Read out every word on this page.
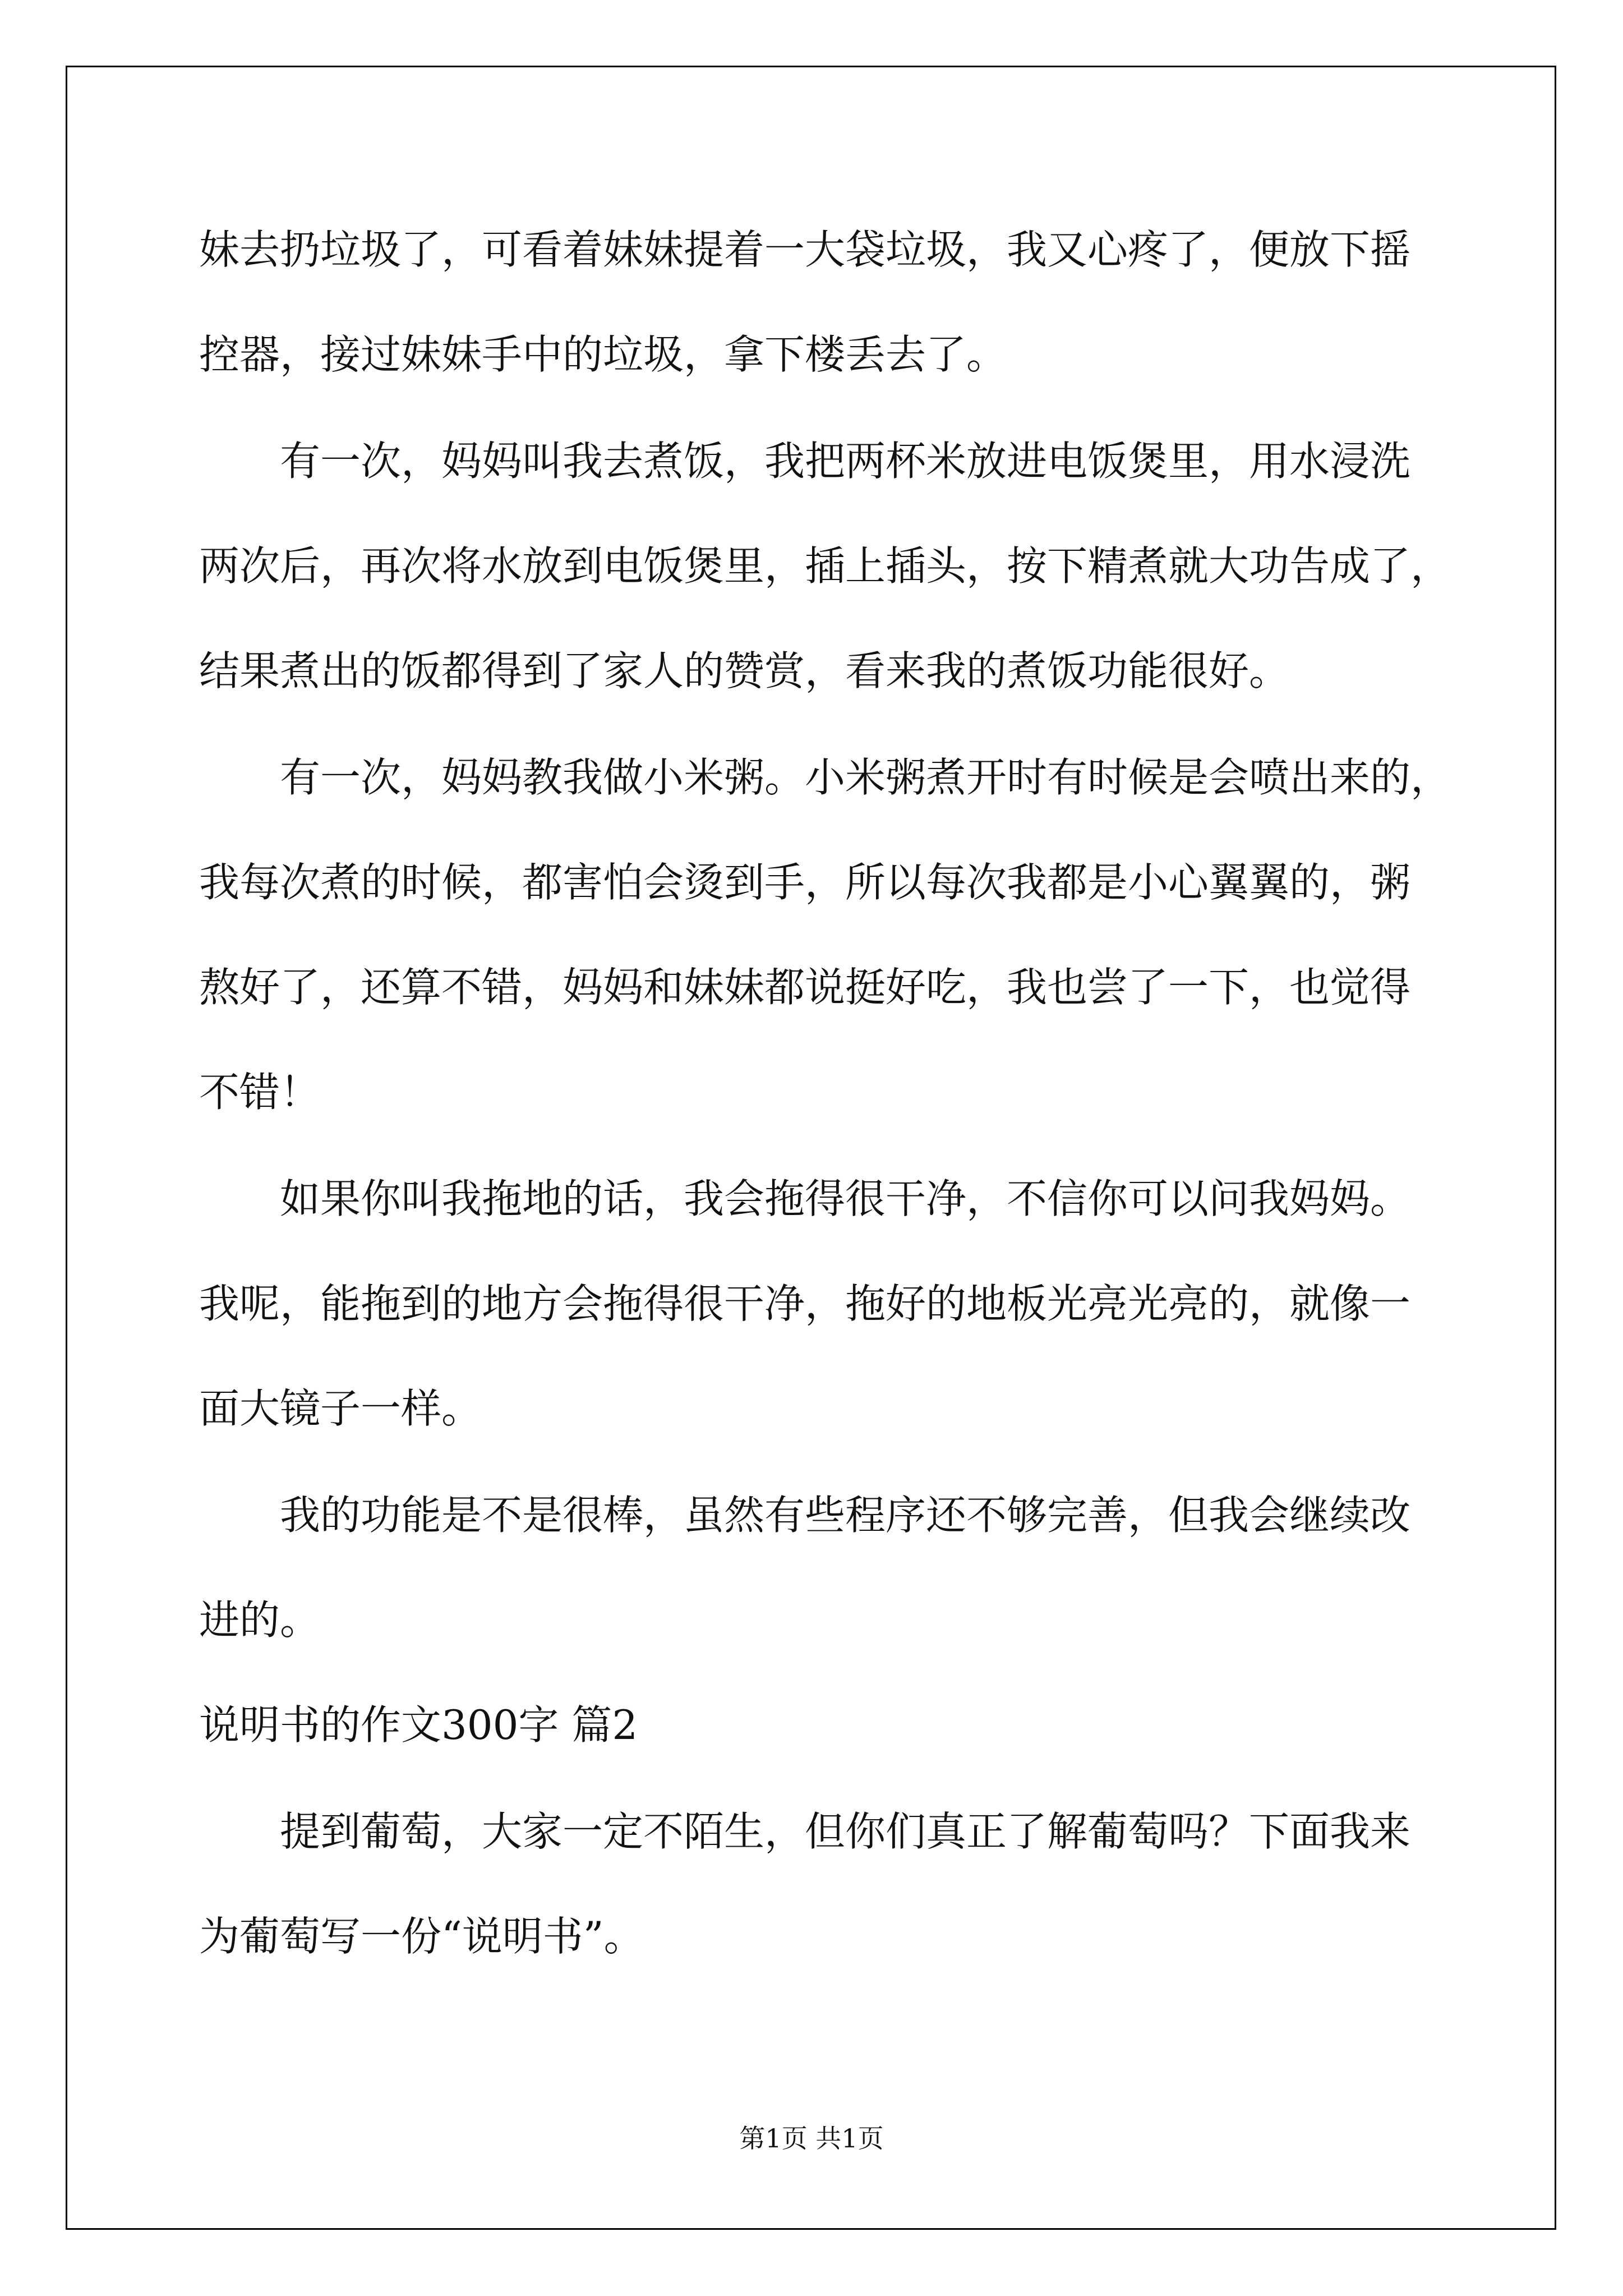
妹去扔垃圾了，可看着妹妹提着一大袋垃圾，我又心疼了，便放下摇
控器，接过妹妹手中的垃圾，拿下楼丢去了。
有一次，妈妈叫我去煮饭，我把两杯米放进电饭煲里，用水浸洗
两次后，再次将水放到电饭煲里，插上插头，按下精煮就大功告成了，
结果煮出的饭都得到了家人的赞赏，看来我的煮饭功能很好。
有一次，妈妈教我做小米粥。小米粥煮开时有时候是会喷出来的，
我每次煮的时候，都害怕会烫到手，所以每次我都是小心翼翼的，粥
熬好了，还算不错，妈妈和妹妹都说挺好吃，我也尝了一下，也觉得
不错！
如果你叫我拖地的话，我会拖得很干净，不信你可以问我妈妈。
我呢，能拖到的地方会拖得很干净，拖好的地板光亮光亮的，就像一
面大镜子一样。
我的功能是不是很棒，虽然有些程序还不够完善，但我会继续改
进的。
说明书的作文300字 篇2
提到葡萄，大家一定不陌生，但你们真正了解葡萄吗？下面我来
为葡萄写一份“说明书”。
第1页 共1页
